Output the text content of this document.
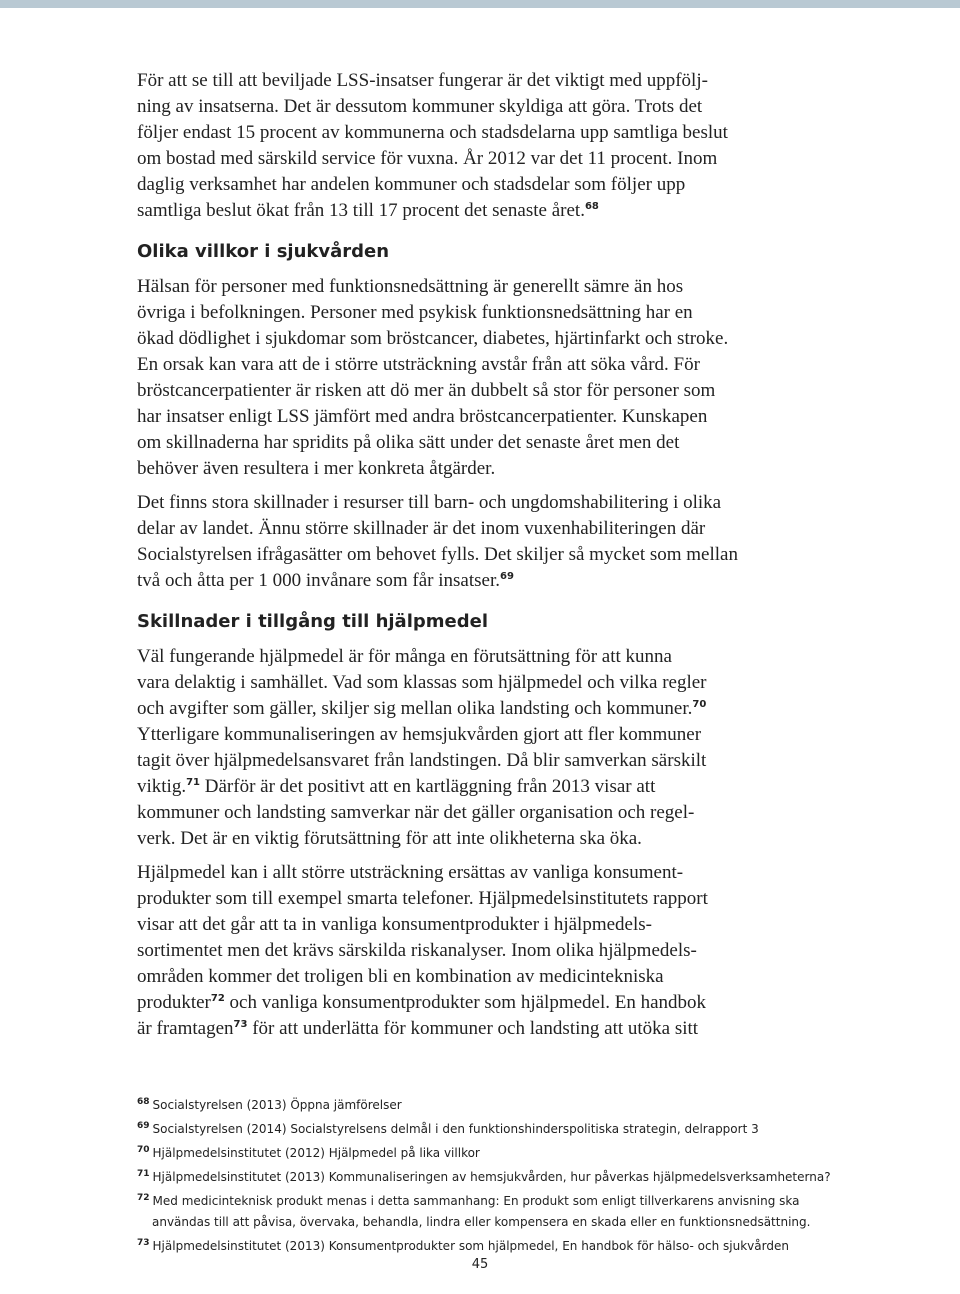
För att se till att beviljade LSS-insatser fungerar är det viktigt med uppfölj-
ning av insatserna. Det är dessutom kommuner skyldiga att göra. Trots det
följer endast 15 procent av kommunerna och stadsdelarna upp samtliga beslut
om bostad med särskild service för vuxna. År 2012 var det 11 procent. Inom
daglig verksamhet har andelen kommuner och stadsdelar som följer upp
samtliga beslut ökat från 13 till 17 procent det senaste året.$^{68}$
Olika villkor i sjukvården
Hälsan för personer med funktionsnedsättning är generellt sämre än hos
övriga i befolkningen. Personer med psykisk funktionsnedsättning har en
ökad dödlighet i sjukdomar som bröstcancer, diabetes, hjärtinfarkt och stroke.
En orsak kan vara att de i större utsträckning avstår från att söka vård. För
bröstcancerpatienter är risken att dö mer än dubbelt så stor för personer som
har insatser enligt LSS jämfört med andra bröstcancerpatienter. Kunskapen
om skillnaderna har spridits på olika sätt under det senaste året men det
behöver även resultera i mer konkreta åtgärder.
Det finns stora skillnader i resurser till barn- och ungdomshabilitering i olika
delar av landet. Ännu större skillnader är det inom vuxenhabiliteringen där
Socialstyrelsen ifrågasätter om behovet fylls. Det skiljer så mycket som mellan
två och åtta per 1 000 invånare som får insatser.$^{69}$
Skillnader i tillgång till hjälpmedel
Väl fungerande hjälpmedel är för många en förutsättning för att kunna
vara delaktig i samhället. Vad som klassas som hjälpmedel och vilka regler
och avgifter som gäller, skiljer sig mellan olika landsting och kommuner.$^{70}$
Ytterligare kommunaliseringen av hemsjukvården gjort att fler kommuner
tagit över hjälpmedelsansvaret från landstingen. Då blir samverkan särskilt
viktig.$^{71}$ Därför är det positivt att en kartläggning från 2013 visar att
kommuner och landsting samverkar när det gäller organisation och regel-
verk. Det är en viktig förutsättning för att inte olikheterna ska öka.
Hjälpmedel kan i allt större utsträckning ersättas av vanliga konsument-
produkter som till exempel smarta telefoner. Hjälpmedelsinstitutets rapport
visar att det går att ta in vanliga konsumentprodukter i hjälpmedels-
sortimentet men det krävs särskilda riskanalyser. Inom olika hjälpmedels-
områden kommer det troligen bli en kombination av medicintekniska
produkter$^{72}$ och vanliga konsumentprodukter som hjälpmedel. En handbok
är framtagen$^{73}$ för att underlätta för kommuner och landsting att utöka sitt
$^{68}$ Socialstyrelsen (2013) Öppna jämförelser
$^{69}$ Socialstyrelsen (2014) Socialstyrelsens delmål i den funktionshinderspolitiska strategin, delrapport 3
$^{70}$ Hjälpmedelsinstitutet (2012) Hjälpmedel på lika villkor
$^{71}$ Hjälpmedelsinstitutet (2013) Kommunaliseringen av hemsjukvården, hur påverkas hjälpmedelsverksamheterna?
$^{72}$ Med medicinteknisk produkt menas i detta sammanhang: En produkt som enligt tillverkarens anvisning ska
användas till att påvisa, övervaka, behandla, lindra eller kompensera en skada eller en funktionsnedsättning.
$^{73}$ Hjälpmedelsinstitutet (2013) Konsumentprodukter som hjälpmedel, En handbok för hälso- och sjukvården
45
